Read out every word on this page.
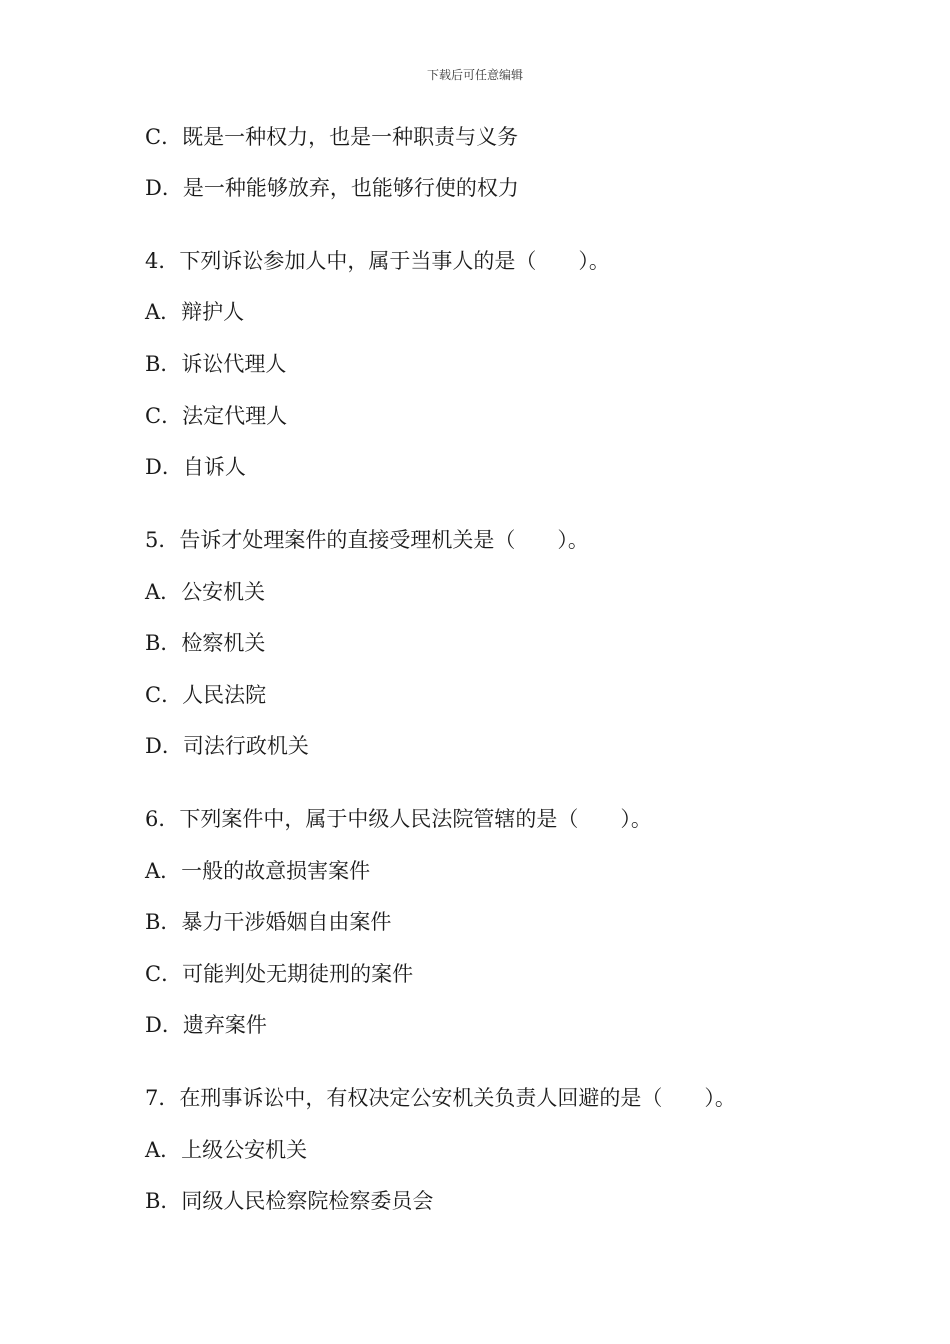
下载后可任意编辑
C．既是一种权力，也是一种职责与义务
D．是一种能够放弃，也能够行使的权力
4．下列诉讼参加人中，属于当事人的是（　　）。
A．辩护人
B．诉讼代理人
C．法定代理人
D．自诉人
5．告诉才处理案件的直接受理机关是（　　）。
A．公安机关
B．检察机关
C．人民法院
D．司法行政机关
6．下列案件中，属于中级人民法院管辖的是（　　）。
A．一般的故意损害案件
B．暴力干涉婚姻自由案件
C．可能判处无期徒刑的案件
D．遗弃案件
7．在刑事诉讼中，有权决定公安机关负责人回避的是（　　）。
A．上级公安机关
B．同级人民检察院检察委员会
